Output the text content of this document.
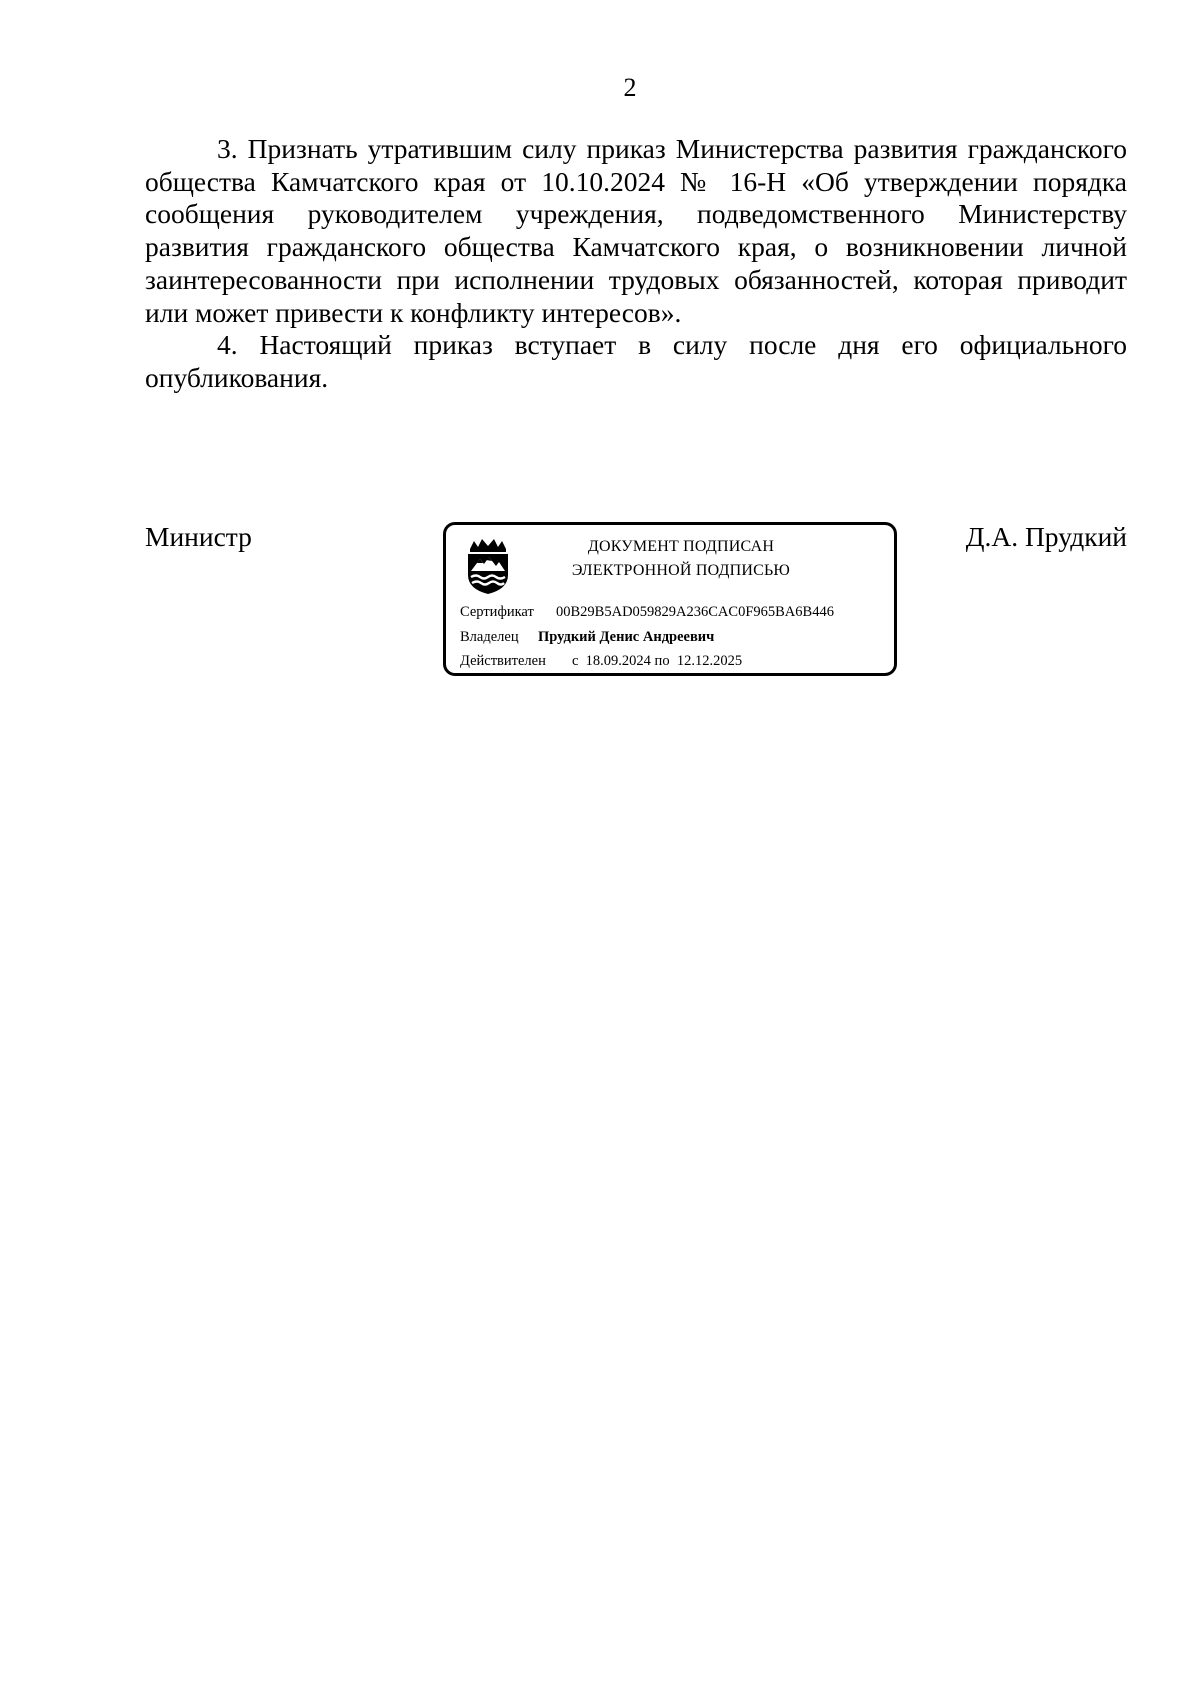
2

3. Признать утратившим силу приказ Министерства развития гражданского общества Камчатского края от 10.10.2024 № 16-Н «Об утверждении порядка сообщения руководителем учреждения, подведомственного Министерству развития гражданского общества Камчатского края, о возникновении личной заинтересованности при исполнении трудовых обязанностей, которая приводит или может привести к конфликту интересов».

4. Настоящий приказ вступает в силу после дня его официального опубликования.

Министр	ДОКУМЕНТ ПОДПИСАН
ЭЛЕКТРОННОЙ ПОДПИСЬЮ
Сертификат 00B29B5AD059829A236CAC0F965BA6B446
Владелец Прудкий Денис Андреевич
Действителен с  18.09.2024 по  12.12.2025
Д.А. Прудкий
